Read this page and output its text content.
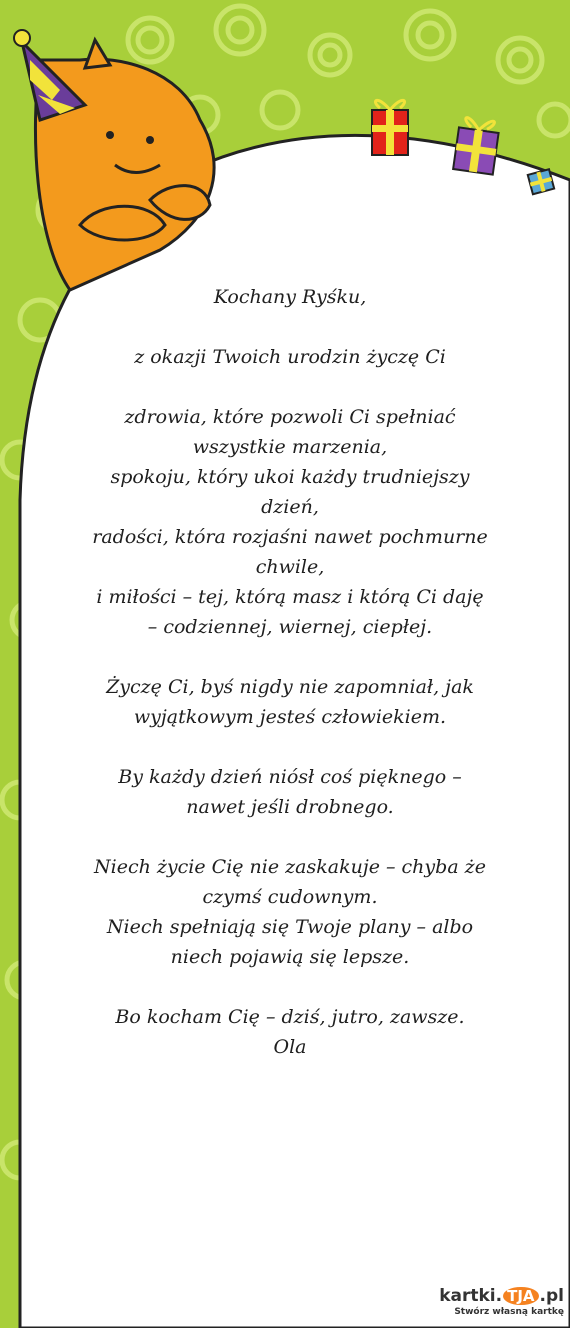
Kochany Ryśku,
z okazji Twoich urodzin życzę Ci
zdrowia, które pozwoli Ci spełniać
wszystkie marzenia,
spokoju, który ukoi każdy trudniejszy
dzień,
radości, która rozjaśni nawet pochmurne
chwile,
i miłości – tej, którą masz i którą Ci daję
– codziennej, wiernej, ciepłej.
Życzę Ci, byś nigdy nie zapomniał, jak
wyjątkowym jesteś człowiekiem.
By każdy dzień niósł coś pięknego –
nawet jeśli drobnego.
Niech życie Cię nie zaskakuje – chyba że
czymś cudownym.
Niech spełniają się Twoje plany – albo
niech pojawią się lepsze.
Bo kocham Cię – dziś, jutro, zawsze.
Ola
kartki. TJA .pl
Stwórz własną kartkę
